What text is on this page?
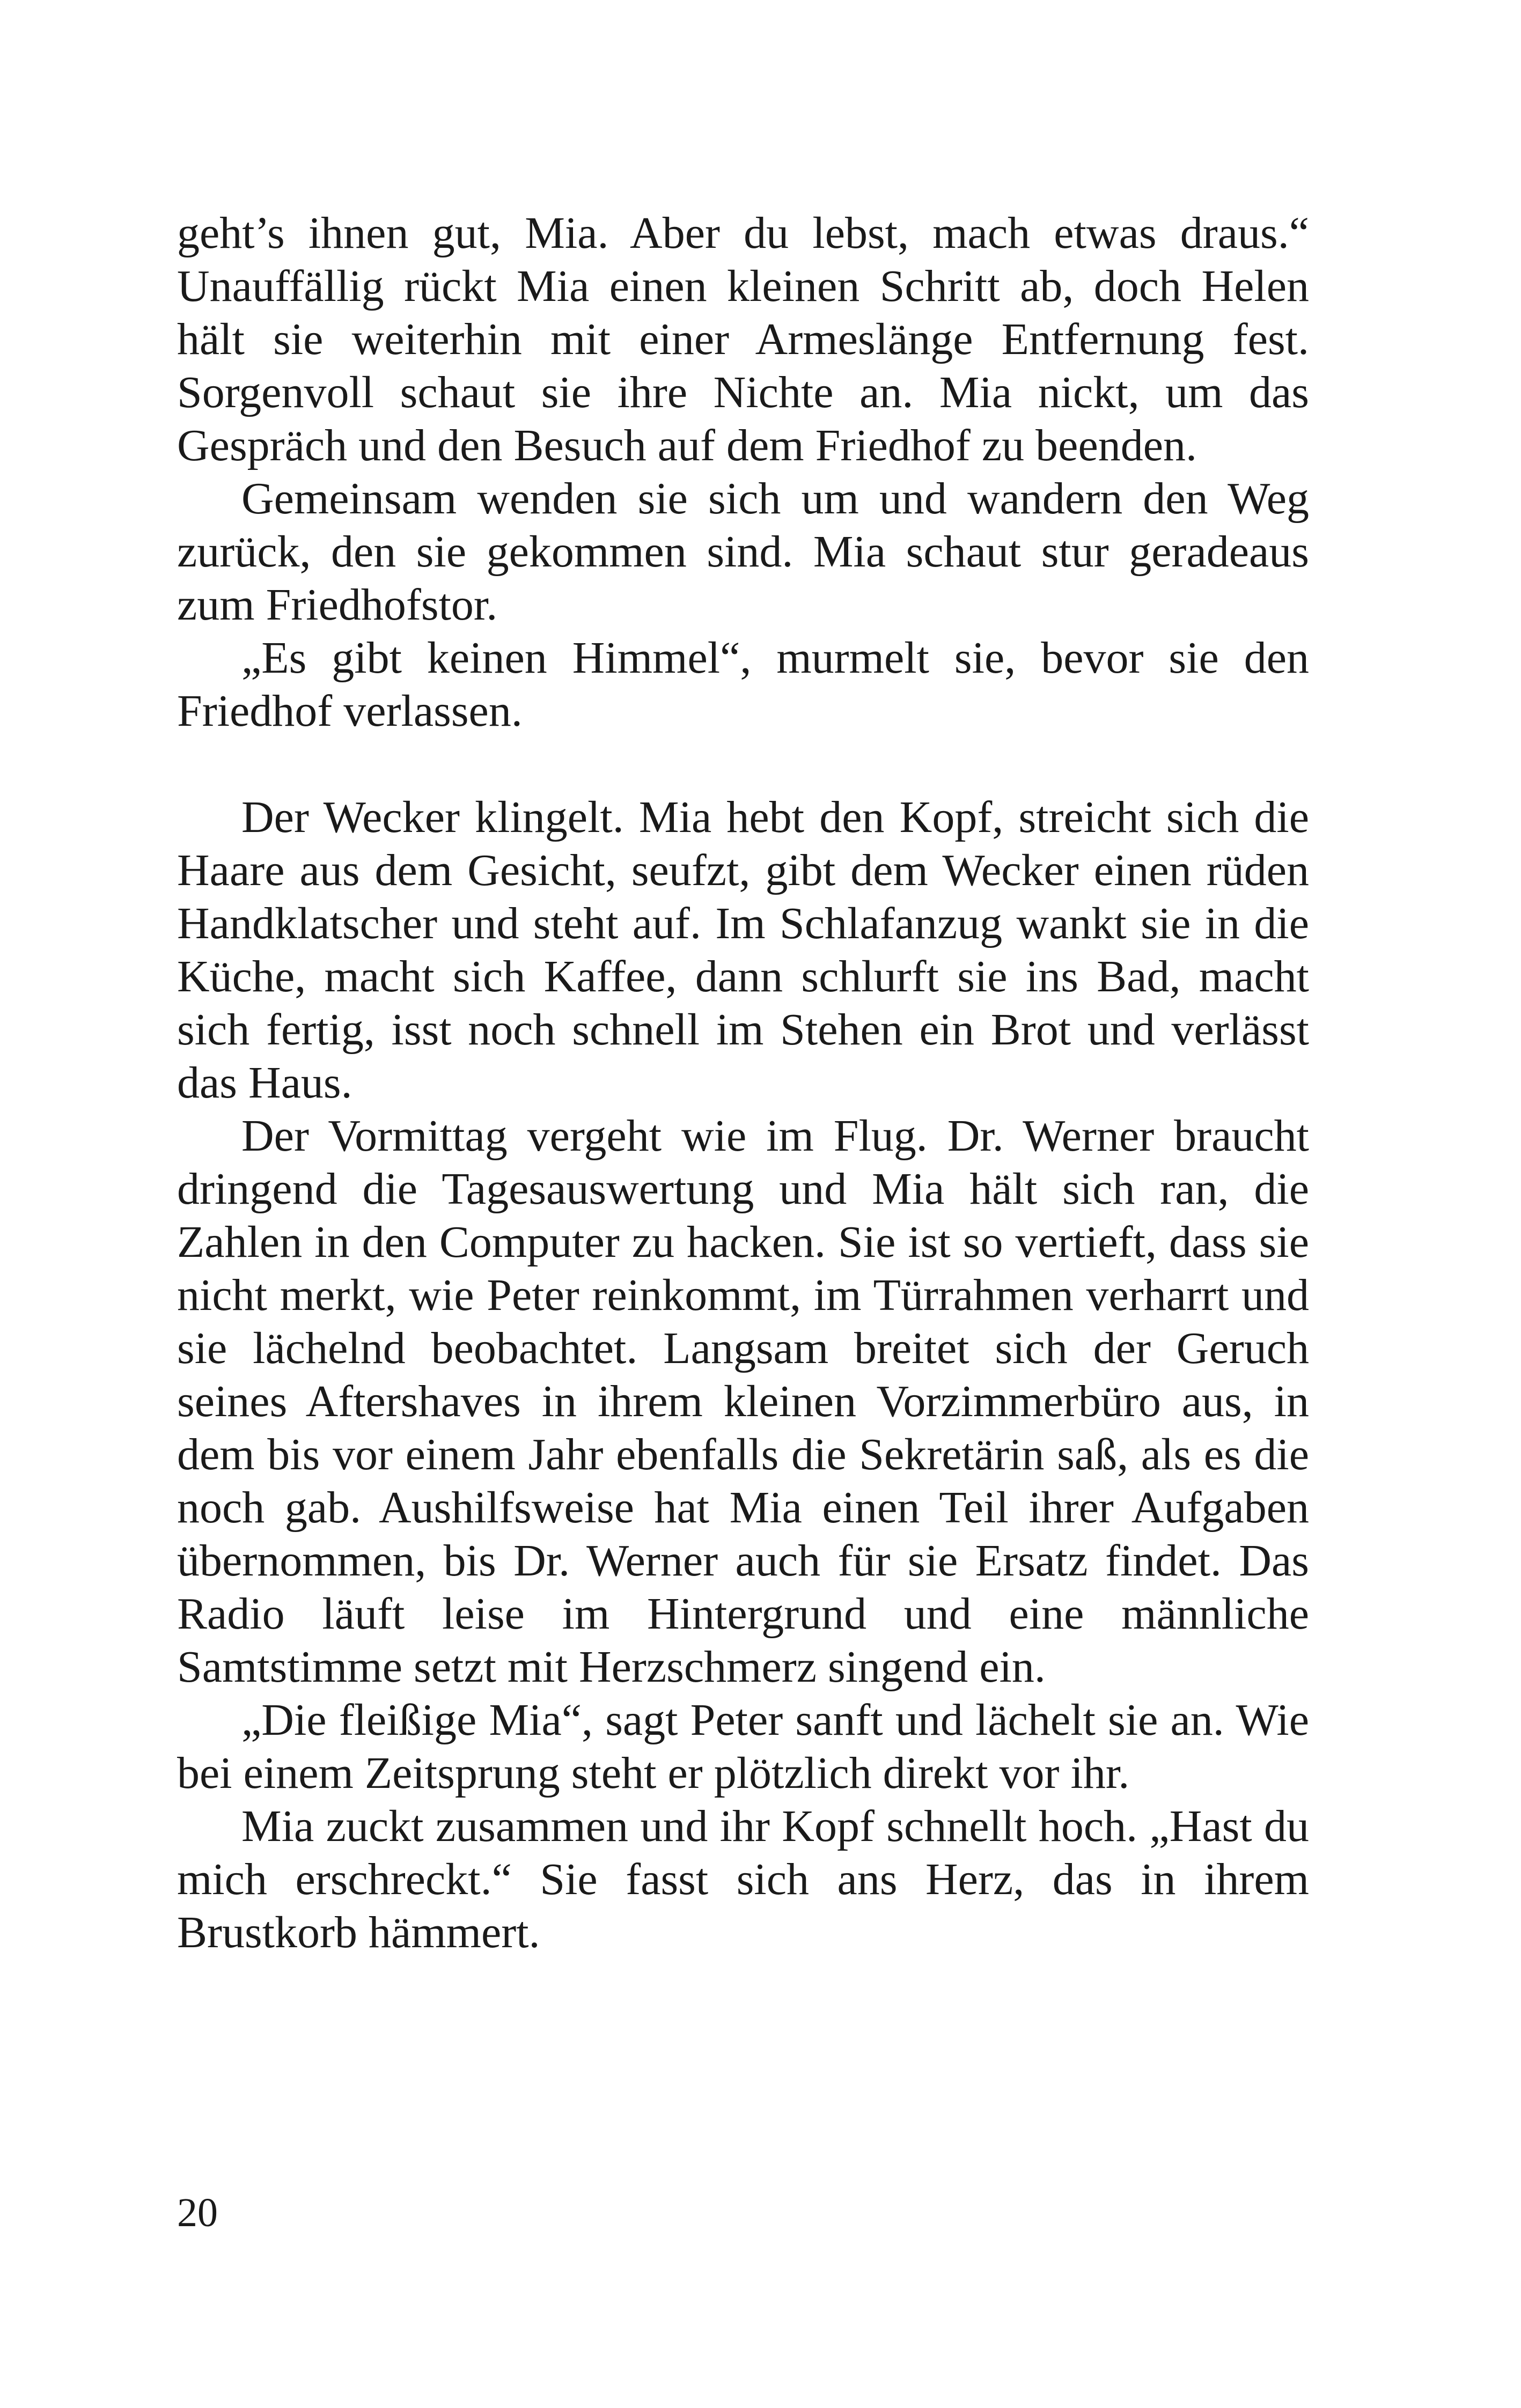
geht’s ihnen gut, Mia. Aber du lebst, mach etwas draus.“ Unauffällig rückt Mia einen kleinen Schritt ab, doch Helen hält sie weiterhin mit einer Armeslänge Entfernung fest. Sorgenvoll schaut sie ihre Nichte an. Mia nickt, um das Gespräch und den Besuch auf dem Friedhof zu beenden.

Gemeinsam wenden sie sich um und wandern den Weg zurück, den sie gekommen sind. Mia schaut stur geradeaus zum Friedhofstor.

„Es gibt keinen Himmel“, murmelt sie, bevor sie den Friedhof verlassen.

Der Wecker klingelt. Mia hebt den Kopf, streicht sich die Haare aus dem Gesicht, seufzt, gibt dem Wecker einen rüden Handklatscher und steht auf. Im Schlafanzug wankt sie in die Küche, macht sich Kaffee, dann schlurft sie ins Bad, macht sich fertig, isst noch schnell im Stehen ein Brot und verlässt das Haus.

Der Vormittag vergeht wie im Flug. Dr. Werner braucht dringend die Tagesauswertung und Mia hält sich ran, die Zahlen in den Computer zu hacken. Sie ist so vertieft, dass sie nicht merkt, wie Peter reinkommt, im Türrahmen verharrt und sie lächelnd beobachtet. Langsam breitet sich der Geruch seines Aftershaves in ihrem kleinen Vorzimmerbüro aus, in dem bis vor einem Jahr ebenfalls die Sekretärin saß, als es die noch gab. Aushilfsweise hat Mia einen Teil ihrer Aufgaben übernommen, bis Dr. Werner auch für sie Ersatz findet. Das Radio läuft leise im Hintergrund und eine männliche Samtstimme setzt mit Herzschmerz singend ein.

„Die fleißige Mia“, sagt Peter sanft und lächelt sie an. Wie bei einem Zeitsprung steht er plötzlich direkt vor ihr.

Mia zuckt zusammen und ihr Kopf schnellt hoch. „Hast du mich erschreckt.“ Sie fasst sich ans Herz, das in ihrem Brustkorb hämmert.

20
